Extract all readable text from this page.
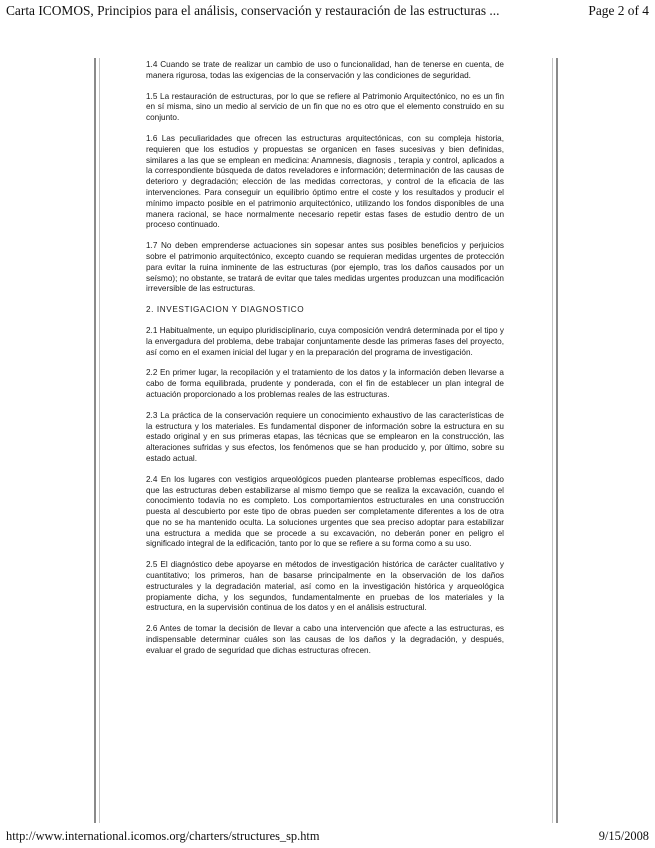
Carta ICOMOS, Principios para el análisis, conservación y restauración de las estructuras ...	Page 2 of 4

1.4 Cuando se trate de realizar un cambio de uso o funcionalidad, han de tenerse en cuenta, de manera rigurosa, todas las exigencias de la conservación y las condiciones de seguridad.

1.5 La restauración de estructuras, por lo que se refiere al Patrimonio Arquitectónico, no es un fin en sí misma, sino un medio al servicio de un fin que no es otro que el elemento construido en su conjunto.

1.6 Las peculiaridades que ofrecen las estructuras arquitectónicas, con su compleja historia, requieren que los estudios y propuestas se organicen en fases sucesivas y bien definidas, similares a las que se emplean en medicina: Anamnesis, diagnosis , terapia y control, aplicados a la correspondiente búsqueda de datos reveladores e información; determinación de las causas de deterioro y degradación; elección de las medidas correctoras, y control de la eficacia de las intervenciones. Para conseguir un equilibrio óptimo entre el coste y los resultados y producir el mínimo impacto posible en el patrimonio arquitectónico, utilizando los fondos disponibles de una manera racional, se hace normalmente necesario repetir estas fases de estudio dentro de un proceso continuado.

1.7 No deben emprenderse actuaciones sin sopesar antes sus posibles beneficios y perjuicios sobre el patrimonio arquitectónico, excepto cuando se requieran medidas urgentes de protección para evitar la ruina inminente de las estructuras (por ejemplo, tras los daños causados por un seísmo); no obstante, se tratará de evitar que tales medidas urgentes produzcan una modificación irreversible de las estructuras.

2. INVESTIGACION Y DIAGNOSTICO

2.1 Habitualmente, un equipo pluridisciplinario, cuya composición vendrá determinada por el tipo y la envergadura del problema, debe trabajar conjuntamente desde las primeras fases del proyecto, así como en el examen inicial del lugar y en la preparación del programa de investigación.

2.2 En primer lugar, la recopilación y el tratamiento de los datos y la información deben llevarse a cabo de forma equilibrada, prudente y ponderada, con el fin de establecer un plan integral de actuación proporcionado a los problemas reales de las estructuras.

2.3 La práctica de la conservación requiere un conocimiento exhaustivo de las características de la estructura y los materiales. Es fundamental disponer de información sobre la estructura en su estado original y en sus primeras etapas, las técnicas que se emplearon en la construcción, las alteraciones sufridas y sus efectos, los fenómenos que se han producido y, por último, sobre su estado actual.

2.4 En los lugares con vestigios arqueológicos pueden plantearse problemas específicos, dado que las estructuras deben estabilizarse al mismo tiempo que se realiza la excavación, cuando el conocimiento todavía no es completo. Los comportamientos estructurales en una construcción puesta al descubierto por este tipo de obras pueden ser completamente diferentes a los de otra que no se ha mantenido oculta. La soluciones urgentes que sea preciso adoptar para estabilizar una estructura a medida que se procede a su excavación, no deberán poner en peligro el significado integral de la edificación, tanto por lo que se refiere a su forma como a su uso.

2.5 El diagnóstico debe apoyarse en métodos de investigación histórica de carácter cualitativo y cuantitativo; los primeros, han de basarse principalmente en la observación de los daños estructurales y la degradación material, así como en la investigación histórica y arqueológica propiamente dicha, y los segundos, fundamentalmente en pruebas de los materiales y la estructura, en la supervisión continua de los datos y en el análisis estructural.

2.6 Antes de tomar la decisión de llevar a cabo una intervención que afecte a las estructuras, es indispensable determinar cuáles son las causas de los daños y la degradación, y después, evaluar el grado de seguridad que dichas estructuras ofrecen.

http://www.international.icomos.org/charters/structures_sp.htm	9/15/2008
